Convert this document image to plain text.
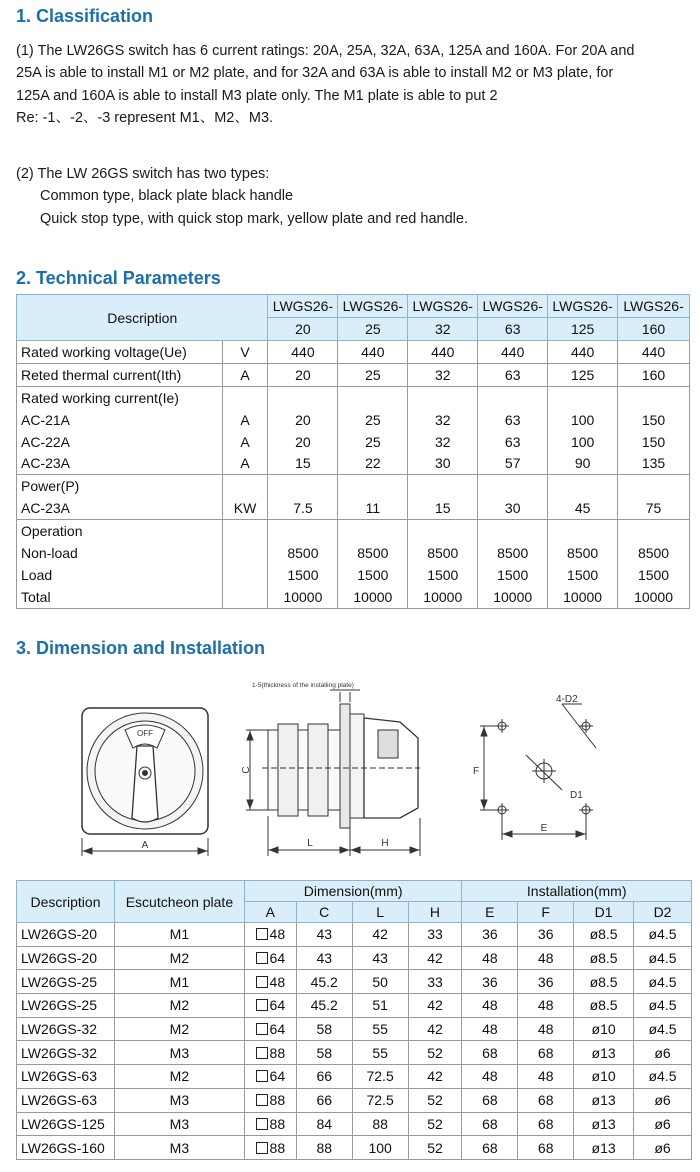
1. Classification
(1) The LW26GS switch has 6 current ratings: 20A, 25A, 32A, 63A, 125A and 160A. For 20A and
25A is able to install M1 or M2 plate, and for 32A and 63A is able to install M2 or M3 plate, for
125A and 160A is able to install M3 plate only. The M1 plate is able to put 2
Re: -1、-2、-3 represent M1、M2、M3.
(2) The LW 26GS switch has two types:
Common type, black plate black handle
Quick stop type, with quick stop mark, yellow plate and red handle.
2. Technical Parameters
Description		LWGS26-	LWGS26-	LWGS26-	LWGS26-	LWGS26-	LWGS26-
		20	25	32	63	125	160
Rated working voltage(Ue)	V	440	440	440	440	440	440
Reted thermal current(Ith)	A	20	25	32	63	125	160
Rated working current(Ie)							
AC-21A	A	20	25	32	63	100	150
AC-22A	A	20	25	32	63	100	150
AC-23A	A	15	22	30	57	90	135
Power(P)							
AC-23A	KW	7.5	11	15	30	45	75
Operation							
Non-load		8500	8500	8500	8500	8500	8500
Load		1500	1500	1500	1500	1500	1500
Total		10000	10000	10000	10000	10000	10000
3. Dimension and Installation
OFF
A
1-5(thickness of the installing plate)
C
L	H
4-D2
F
D1
E
Description	Escutcheon plate	Dimension(mm)				Installation(mm)			
		A	C	L	H	E	F	D1	D2
LW26GS-20	M1	48	43	42	33	36	36	ø8.5	ø4.5
LW26GS-20	M2	64	43	43	42	48	48	ø8.5	ø4.5
LW26GS-25	M1	48	45.2	50	33	36	36	ø8.5	ø4.5
LW26GS-25	M2	64	45.2	51	42	48	48	ø8.5	ø4.5
LW26GS-32	M2	64	58	55	42	48	48	ø10	ø4.5
LW26GS-32	M3	88	58	55	52	68	68	ø13	ø6
LW26GS-63	M2	64	66	72.5	42	48	48	ø10	ø4.5
LW26GS-63	M3	88	66	72.5	52	68	68	ø13	ø6
LW26GS-125	M3	88	84	88	52	68	68	ø13	ø6
LW26GS-160	M3	88	88	100	52	68	68	ø13	ø6
